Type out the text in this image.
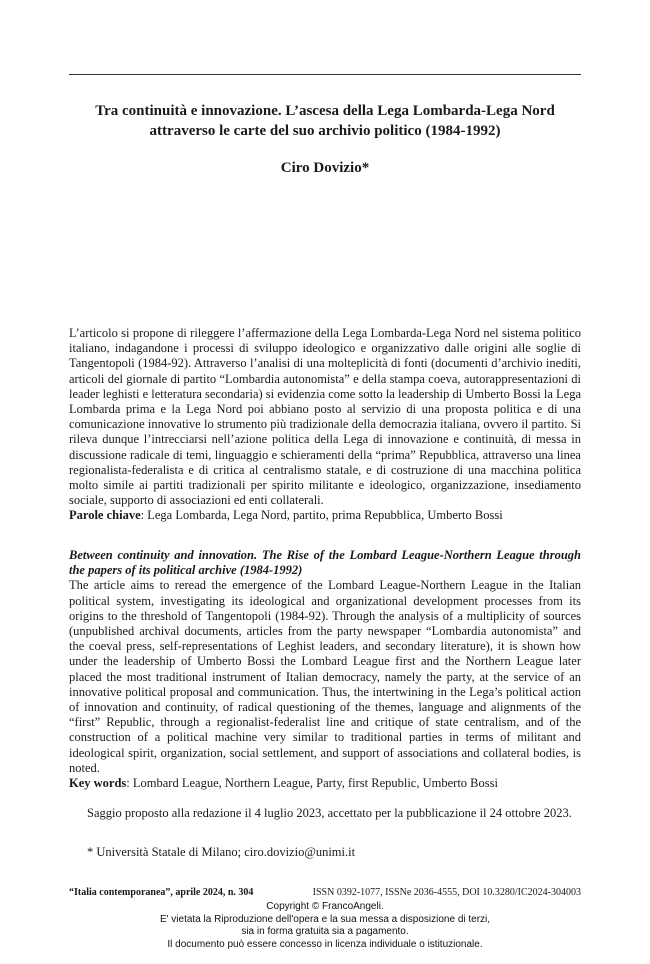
Tra continuità e innovazione. L’ascesa della Lega Lombarda-Lega Nord attraverso le carte del suo archivio politico (1984-1992)
Ciro Dovizio*
L’articolo si propone di rileggere l’affermazione della Lega Lombarda-Lega Nord nel sistema politico italiano, indagandone i processi di sviluppo ideologico e organizzativo dalle origini alle soglie di Tangentopoli (1984-92). Attraverso l’analisi di una molteplicità di fonti (documenti d’archivio inediti, articoli del giornale di partito “Lombardia autonomista” e della stampa coeva, autorappresentazioni di leader leghisti e letteratura secondaria) si evidenzia come sotto la leadership di Umberto Bossi la Lega Lombarda prima e la Lega Nord poi abbiano posto al servizio di una proposta politica e di una comunicazione innovative lo strumento più tradizionale della democrazia italiana, ovvero il partito. Si rileva dunque l’intrecciarsi nell’azione politica della Lega di innovazione e continuità, di messa in discussione radicale di temi, linguaggio e schieramenti della “prima” Repubblica, attraverso una linea regionalista-federalista e di critica al centralismo statale, e di costruzione di una macchina politica molto simile ai partiti tradizionali per spirito militante e ideologico, organizzazione, insediamento sociale, supporto di associazioni ed enti collaterali.
Parole chiave: Lega Lombarda, Lega Nord, partito, prima Repubblica, Umberto Bossi
Between continuity and innovation. The Rise of the Lombard League-Northern League through the papers of its political archive (1984-1992)
The article aims to reread the emergence of the Lombard League-Northern League in the Italian political system, investigating its ideological and organizational development processes from its origins to the threshold of Tangentopoli (1984-92). Through the analysis of a multiplicity of sources (unpublished archival documents, articles from the party newspaper “Lombardia autonomista” and the coeval press, self-representations of Leghist leaders, and secondary literature), it is shown how under the leadership of Umberto Bossi the Lombard League first and the Northern League later placed the most traditional instrument of Italian democracy, namely the party, at the service of an innovative political proposal and communication. Thus, the intertwining in the Lega’s political action of innovation and continuity, of radical questioning of the themes, language and alignments of the “first” Republic, through a regionalist-federalist line and critique of state centralism, and of the construction of a political machine very similar to traditional parties in terms of militant and ideological spirit, organization, social settlement, and support of associations and collateral bodies, is noted.
Key words: Lombard League, Northern League, Party, first Republic, Umberto Bossi
Saggio proposto alla redazione il 4 luglio 2023, accettato per la pubblicazione il 24 ottobre 2023.
* Università Statale di Milano; ciro.dovizio@unimi.it
“Italia contemporanea”, aprile 2024, n. 304	ISSN 0392-1077, ISSNe 2036-4555, DOI 10.3280/IC2024-304003
Copyright © FrancoAngeli.
E' vietata la Riproduzione dell'opera e la sua messa a disposizione di terzi,
sia in forma gratuita sia a pagamento.
Il documento può essere concesso in licenza individuale o istituzionale.
